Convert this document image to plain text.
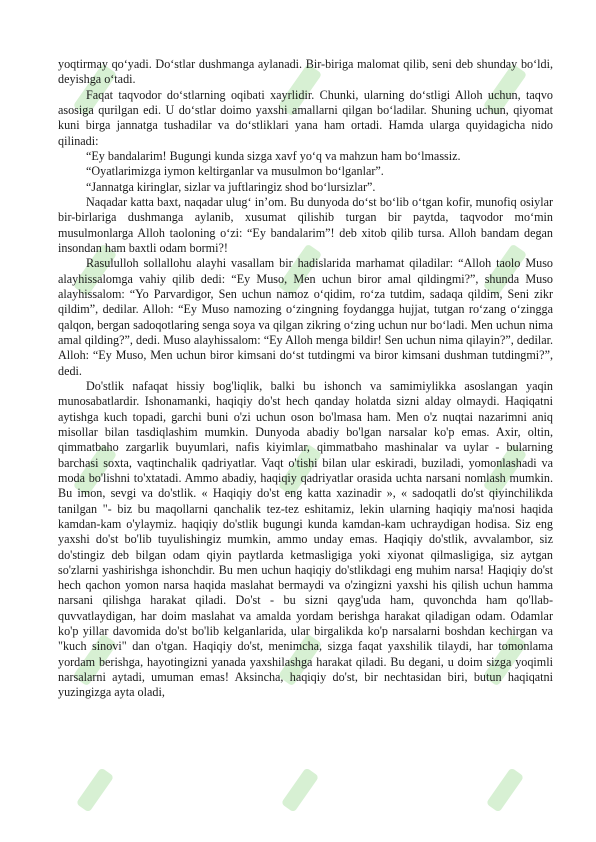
yoqtirmay qo‘yadi. Do‘stlar dushmanga aylanadi. Bir-biriga malomat qilib, seni deb shunday bo‘ldi, deyishga o‘tadi.

Faqat taqvodor do‘stlarning oqibati xayrlidir. Chunki, ularning do‘stligi Alloh uchun, taqvo asosiga qurilgan edi. U do‘stlar doimo yaxshi amallarni qilgan bo‘ladilar. Shuning uchun, qiyomat kuni birga jannatga tushadilar va do‘stliklari yana ham ortadi. Hamda ularga quyidagicha nido qilinadi:

“Ey bandalarim! Bugungi kunda sizga xavf yo‘q va mahzun ham bo‘lmassiz.

“Oyatlarimizga iymon keltirganlar va musulmon bo‘lganlar”.

“Jannatga kiringlar, sizlar va juftlaringiz shod bo‘lursizlar”.

Naqadar katta baxt, naqadar ulug‘ in’om. Bu dunyoda do‘st bo‘lib o‘tgan kofir, munofiq osiylar bir-birlariga dushmanga aylanib, xusumat qilishib turgan bir paytda, taqvodor mo‘min musulmonlarga Alloh taoloning o‘zi: “Ey bandalarim”! deb xitob qilib tursa. Alloh bandam degan insondan ham baxtli odam bormi?!

Rasululloh sollallohu alayhi vasallam bir hadislarida marhamat qiladilar: “Alloh taolo Muso alayhissalomga vahiy qilib dedi: “Ey Muso, Men uchun biror amal qildingmi?”, shunda Muso alayhissalom: “Yo Parvardigor, Sen uchun namoz o‘qidim, ro‘za tutdim, sadaqa qildim, Seni zikr qildim”, dedilar. Alloh: “Ey Muso namozing o‘zingning foydangga hujjat, tutgan ro‘zang o‘zingga qalqon, bergan sadoqotlaring senga soya va qilgan zikring o‘zing uchun nur bo‘ladi. Men uchun nima amal qilding?”, dedi. Muso alayhissalom: “Ey Alloh menga bildir! Sen uchun nima qilayin?”, dedilar. Alloh: “Ey Muso, Men uchun biror kimsani do‘st tutdingmi va biror kimsani dushman tutdingmi?”, dedi.

Do'stlik nafaqat hissiy bog'liqlik, balki bu ishonch va samimiylikka asoslangan yaqin munosabatlardir. Ishonamanki, haqiqiy do'st hech qanday holatda sizni alday olmaydi. Haqiqatni aytishga kuch topadi, garchi buni o'zi uchun oson bo'lmasa ham. Men o'z nuqtai nazarimni aniq misollar bilan tasdiqlashim mumkin. Dunyoda abadiy bo'lgan narsalar ko'p emas. Axir, oltin, qimmatbaho zargarlik buyumlari, nafis kiyimlar, qimmatbaho mashinalar va uylar - bularning barchasi soxta, vaqtinchalik qadriyatlar. Vaqt o'tishi bilan ular eskiradi, buziladi, yomonlashadi va moda bo'lishni to'xtatadi. Ammo abadiy, haqiqiy qadriyatlar orasida uchta narsani nomlash mumkin. Bu imon, sevgi va do'stlik. « Haqiqiy do'st eng katta xazinadir », « sadoqatli do'st qiyinchilikda tanilgan "- biz bu maqollarni qanchalik tez-tez eshitamiz, lekin ularning haqiqiy ma'nosi haqida kamdan-kam o'ylaymiz. haqiqiy do'stlik bugungi kunda kamdan-kam uchraydigan hodisa. Siz eng yaxshi do'st bo'lib tuyulishingiz mumkin, ammo unday emas. Haqiqiy do'stlik, avvalambor, siz do'stingiz deb bilgan odam qiyin paytlarda ketmasligiga yoki xiyonat qilmasligiga, siz aytgan so'zlarni yashirishga ishonchdir. Bu men uchun haqiqiy do'stlikdagi eng muhim narsa! Haqiqiy do'st hech qachon yomon narsa haqida maslahat bermaydi va o'zingizni yaxshi his qilish uchun hamma narsani qilishga harakat qiladi. Do'st - bu sizni qayg'uda ham, quvonchda ham qo'llab-quvvatlaydigan, har doim maslahat va amalda yordam berishga harakat qiladigan odam. Odamlar ko'p yillar davomida do'st bo'lib kelganlarida, ular birgalikda ko'p narsalarni boshdan kechirgan va "kuch sinovi" dan o'tgan. Haqiqiy do'st, menimcha, sizga faqat yaxshilik tilaydi, har tomonlama yordam berishga, hayotingizni yanada yaxshilashga harakat qiladi. Bu degani, u doim sizga yoqimli narsalarni aytadi, umuman emas! Aksincha, haqiqiy do'st, bir nechtasidan biri, butun haqiqatni yuzingizga ayta oladi,
